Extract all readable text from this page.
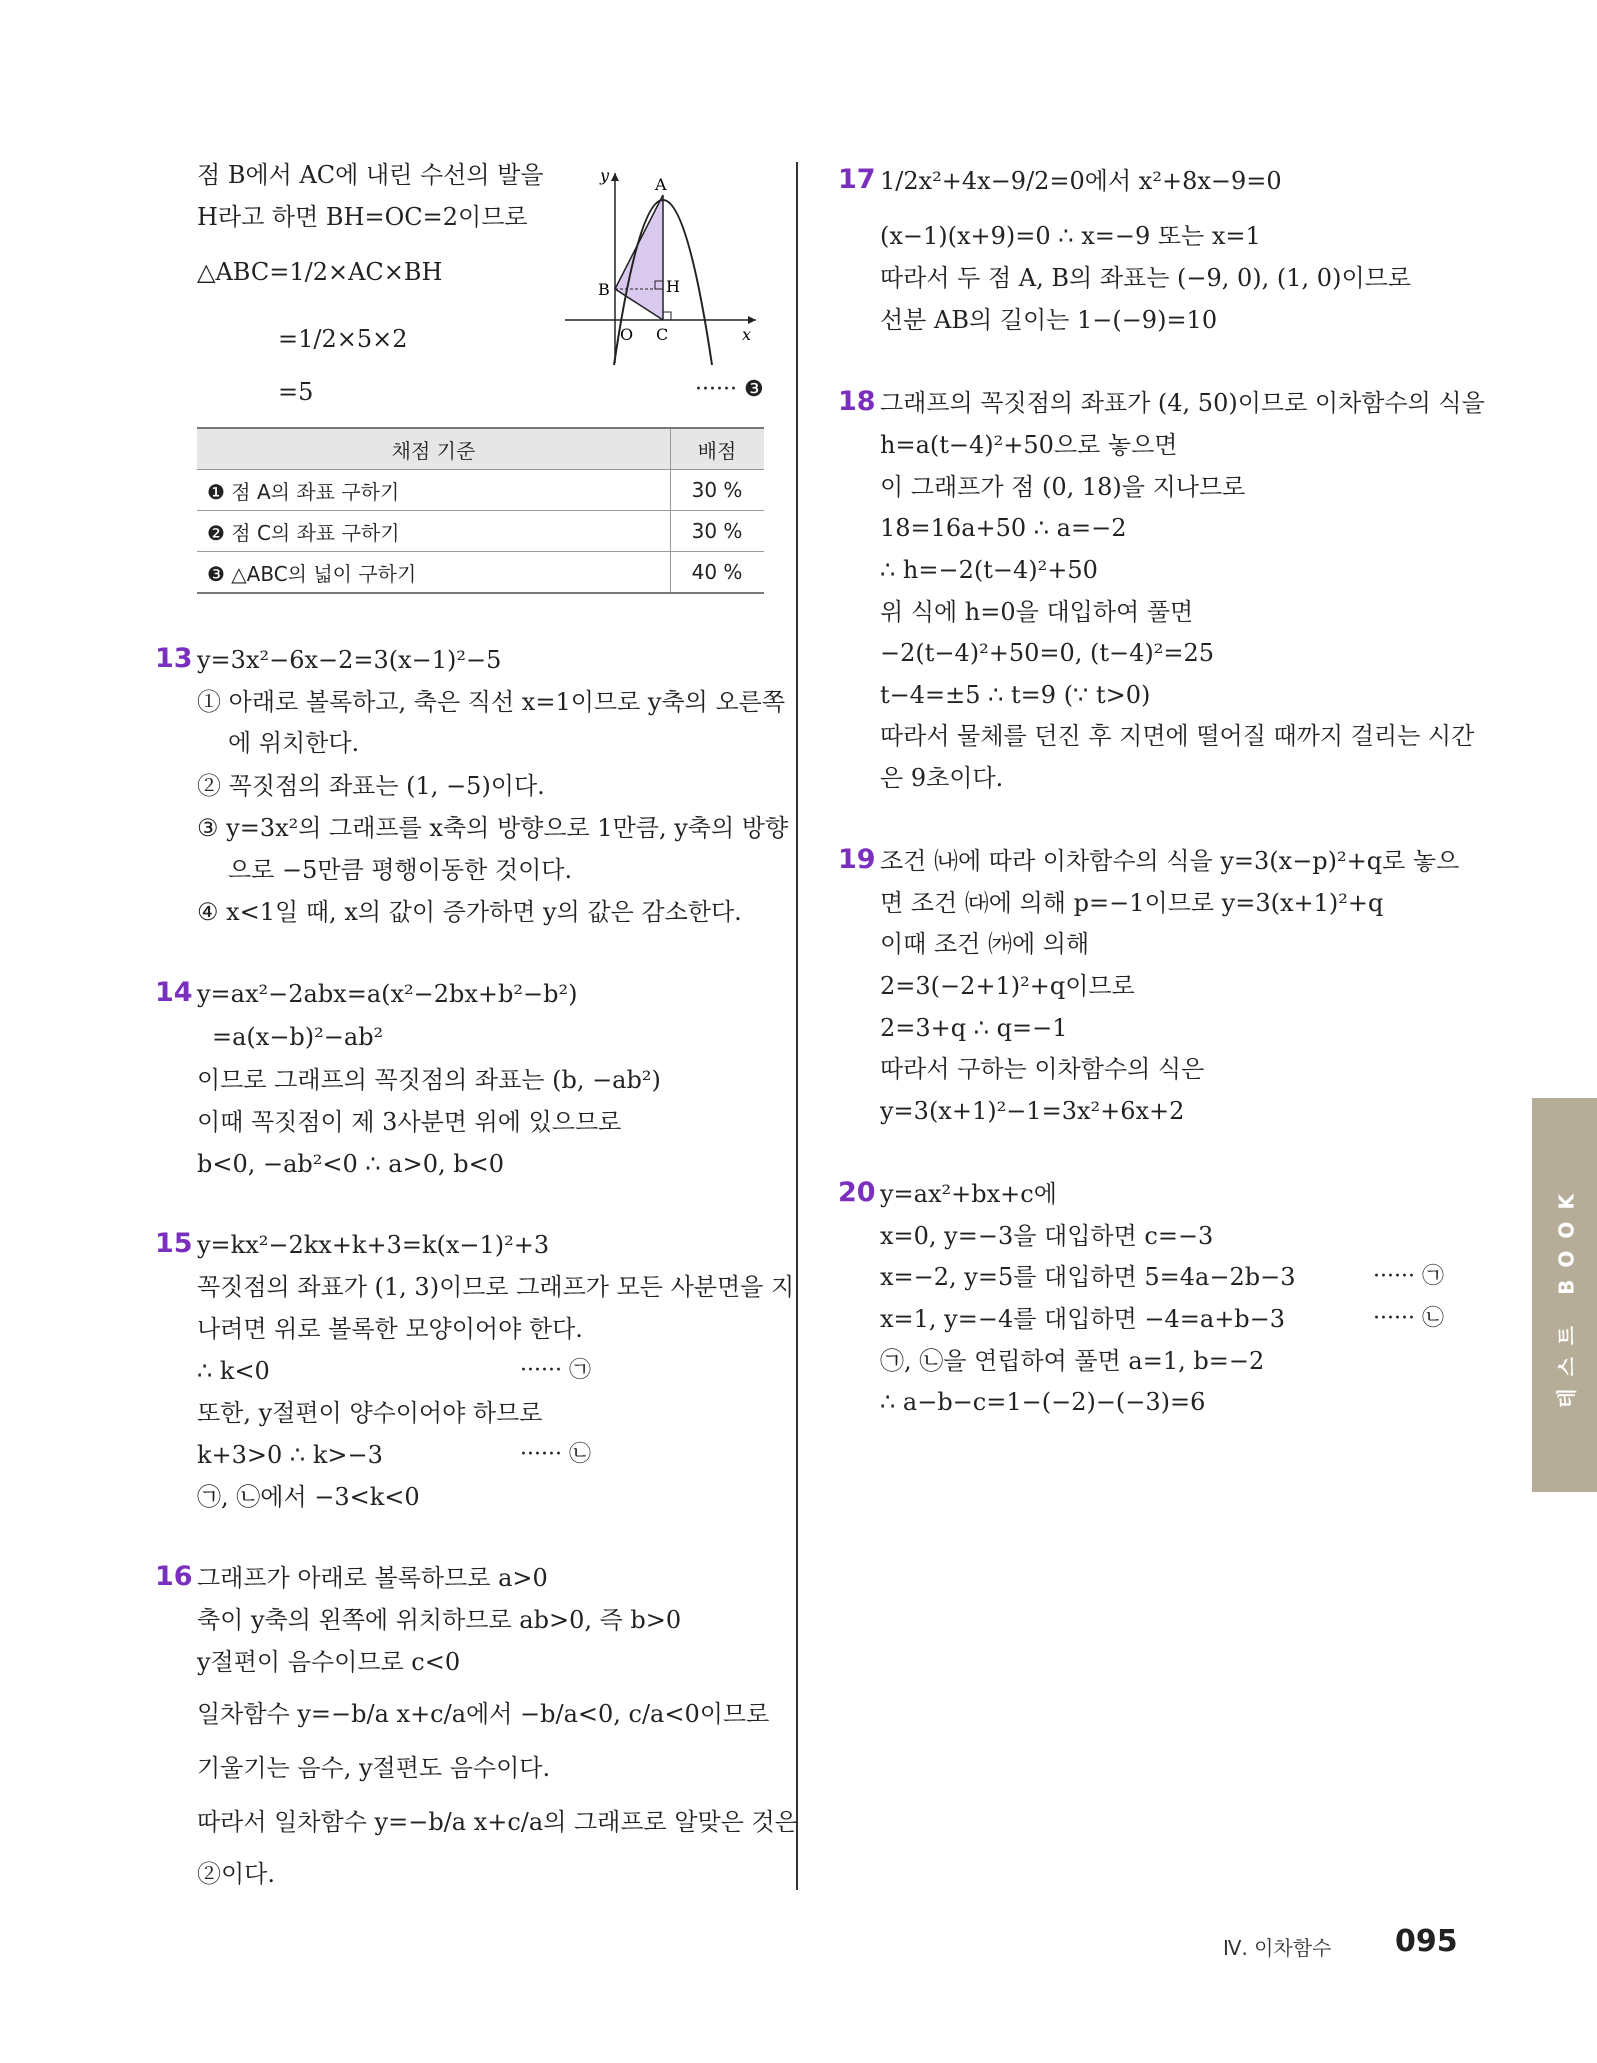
점 B에서 AC에 내린 수선의 발을
H라고 하면 BH=OC=2이므로
△ABC=1/2×AC×BH
=1/2×5×2
=5	······ ❸
y	A
B	H
O C	x
채점 기준	배점
❶ 점 A의 좌표 구하기	30 %
❷ 점 C의 좌표 구하기	30 %
❸ △ABC의 넓이 구하기	40 %
13 y=3x²−6x−2=3(x−1)²−5
① 아래로 볼록하고, 축은 직선 x=1이므로 y축의 오른쪽
에 위치한다.
② 꼭짓점의 좌표는 (1, −5)이다.
③ y=3x²의 그래프를 x축의 방향으로 1만큼, y축의 방향
으로 −5만큼 평행이동한 것이다.
④ x<1일 때, x의 값이 증가하면 y의 값은 감소한다.
14 y=ax²−2abx=a(x²−2bx+b²−b²)
=a(x−b)²−ab²
이므로 그래프의 꼭짓점의 좌표는 (b, −ab²)
이때 꼭짓점이 제 3사분면 위에 있으므로
b<0, −ab²<0 ∴ a>0, b<0
15 y=kx²−2kx+k+3=k(x−1)²+3
꼭짓점의 좌표가 (1, 3)이므로 그래프가 모든 사분면을 지
나려면 위로 볼록한 모양이어야 한다.
∴ k<0	······ ㉠
또한, y절편이 양수이어야 하므로
k+3>0 ∴ k>−3	······ ㉡
㉠, ㉡에서 −3<k<0
16 그래프가 아래로 볼록하므로 a>0
축이 y축의 왼쪽에 위치하므로 ab>0, 즉 b>0
y절편이 음수이므로 c<0
일차함수 y=−b/a x+c/a에서 −b/a<0, c/a<0이므로
기울기는 음수, y절편도 음수이다.
따라서 일차함수 y=−b/a x+c/a의 그래프로 알맞은 것은
②이다.
17 1/2x²+4x−9/2=0에서 x²+8x−9=0
(x−1)(x+9)=0 ∴ x=−9 또는 x=1
따라서 두 점 A, B의 좌표는 (−9, 0), (1, 0)이므로
선분 AB의 길이는 1−(−9)=10
18 그래프의 꼭짓점의 좌표가 (4, 50)이므로 이차함수의 식을
h=a(t−4)²+50으로 놓으면
이 그래프가 점 (0, 18)을 지나므로
18=16a+50 ∴ a=−2
∴ h=−2(t−4)²+50
위 식에 h=0을 대입하여 풀면
−2(t−4)²+50=0, (t−4)²=25
t−4=±5 ∴ t=9 (∵ t>0)
따라서 물체를 던진 후 지면에 떨어질 때까지 걸리는 시간
은 9초이다.
19 조건 ㈏에 따라 이차함수의 식을 y=3(x−p)²+q로 놓으
면 조건 ㈐에 의해 p=−1이므로 y=3(x+1)²+q
이때 조건 ㈎에 의해
2=3(−2+1)²+q이므로
2=3+q ∴ q=−1
따라서 구하는 이차함수의 식은
y=3(x+1)²−1=3x²+6x+2
20 y=ax²+bx+c에
x=0, y=−3을 대입하면 c=−3
x=−2, y=5를 대입하면 5=4a−2b−3	······ ㉠
x=1, y=−4를 대입하면 −4=a+b−3	······ ㉡
㉠, ㉡을 연립하여 풀면 a=1, b=−2
∴ a−b−c=1−(−2)−(−3)=6	테스트 BOOK
Ⅳ. 이차함수 095
